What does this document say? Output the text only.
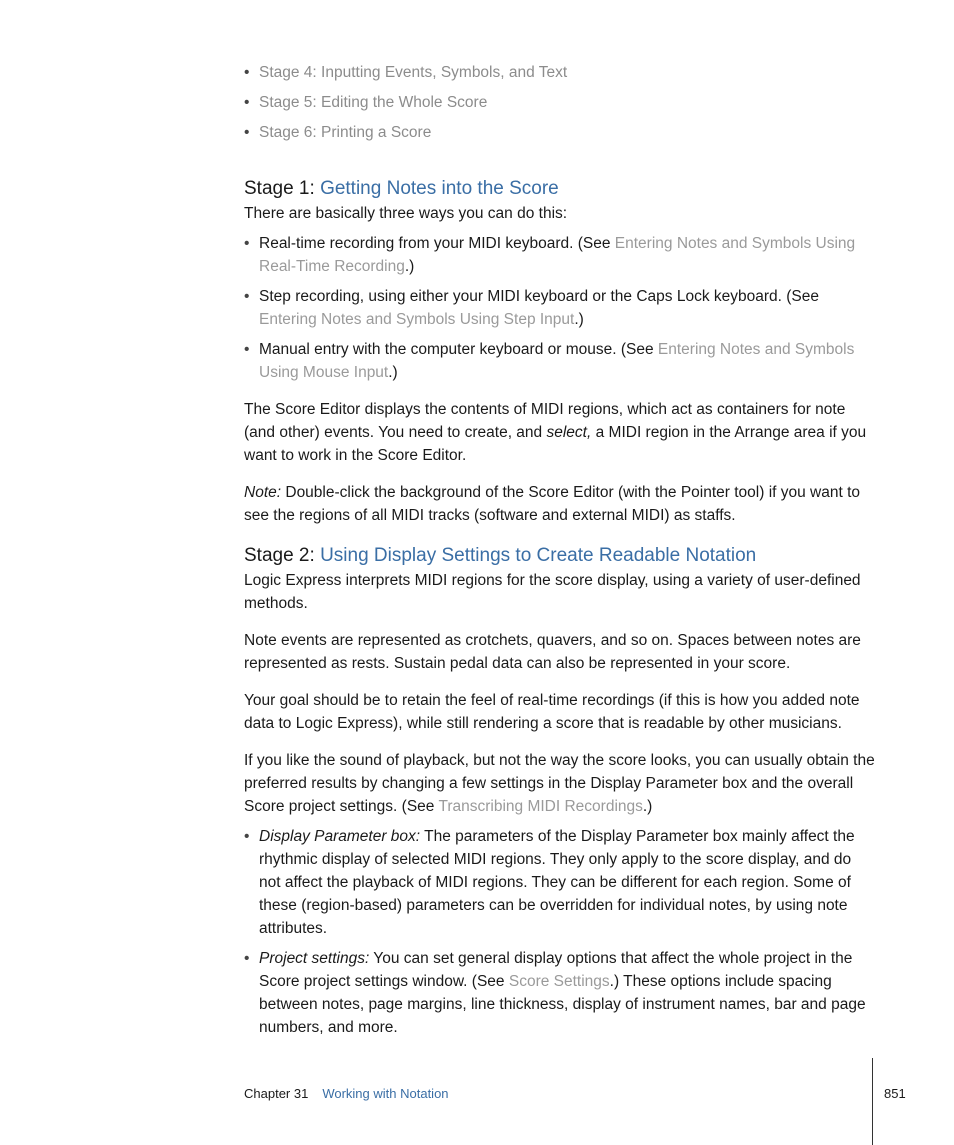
• Stage 4: Inputting Events, Symbols, and Text
• Stage 5: Editing the Whole Score
• Stage 6: Printing a Score
Stage 1: Getting Notes into the Score

There are basically three ways you can do this:

• Real-time recording from your MIDI keyboard. (See Entering Notes and Symbols Using Real-Time Recording.)
• Step recording, using either your MIDI keyboard or the Caps Lock keyboard. (See Entering Notes and Symbols Using Step Input.)
• Manual entry with the computer keyboard or mouse. (See Entering Notes and Symbols Using Mouse Input.)

The Score Editor displays the contents of MIDI regions, which act as containers for note (and other) events. You need to create, and select, a MIDI region in the Arrange area if you want to work in the Score Editor.

Note: Double-click the background of the Score Editor (with the Pointer tool) if you want to see the regions of all MIDI tracks (software and external MIDI) as staffs.

Stage 2: Using Display Settings to Create Readable Notation

Logic Express interprets MIDI regions for the score display, using a variety of user-defined methods.

Note events are represented as crotchets, quavers, and so on. Spaces between notes are represented as rests. Sustain pedal data can also be represented in your score.

Your goal should be to retain the feel of real-time recordings (if this is how you added note data to Logic Express), while still rendering a score that is readable by other musicians.

If you like the sound of playback, but not the way the score looks, you can usually obtain the preferred results by changing a few settings in the Display Parameter box and the overall Score project settings. (See Transcribing MIDI Recordings.)

• Display Parameter box: The parameters of the Display Parameter box mainly affect the rhythmic display of selected MIDI regions. They only apply to the score display, and do not affect the playback of MIDI regions. They can be different for each region. Some of these (region-based) parameters can be overridden for individual notes, by using note attributes.
• Project settings: You can set general display options that affect the whole project in the Score project settings window. (See Score Settings.) These options include spacing between notes, page margins, line thickness, display of instrument names, bar and page numbers, and more.
Chapter 31 Working with Notation	851
